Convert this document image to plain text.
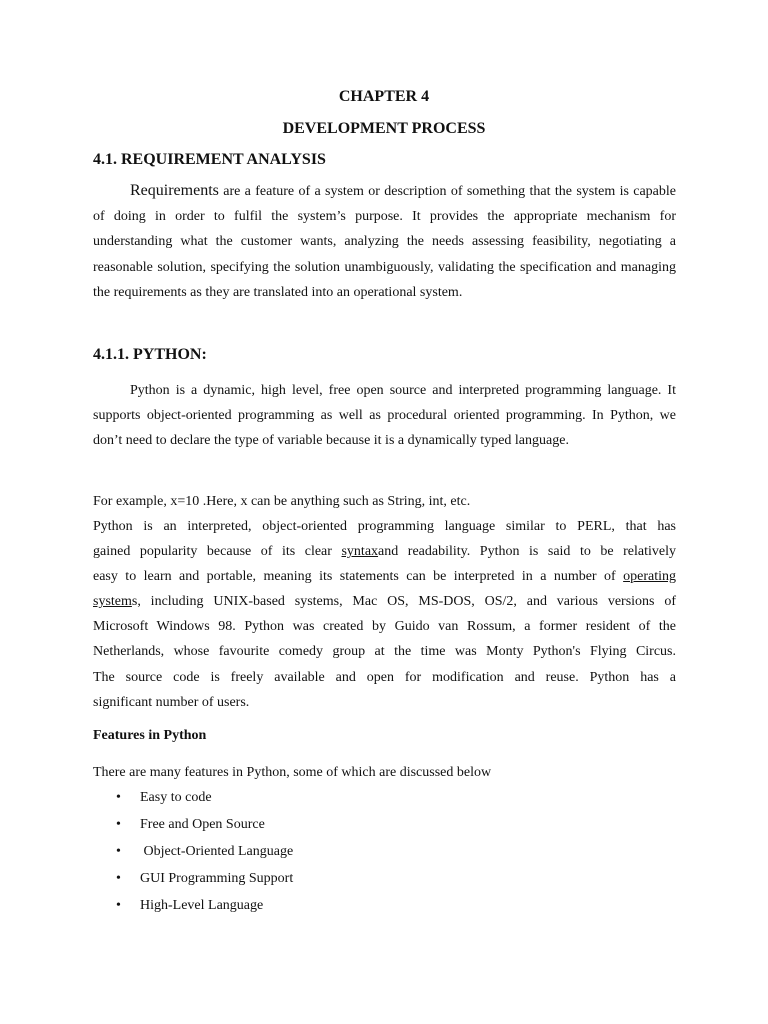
CHAPTER 4

DEVELOPMENT PROCESS

4.1. REQUIREMENT ANALYSIS

Requirements are a feature of a system or description of something that the system is capable of doing in order to fulfil the system’s purpose. It provides the appropriate mechanism for understanding what the customer wants, analyzing the needs assessing feasibility, negotiating a reasonable solution, specifying the solution unambiguously, validating the specification and managing the requirements as they are translated into an operational system.

4.1.1. PYTHON:

Python is a dynamic, high level, free open source and interpreted programming language. It supports object-oriented programming as well as procedural oriented programming. In Python, we don’t need to declare the type of variable because it is a dynamically typed language.

For example, x=10 .Here, x can be anything such as String, int, etc.

Python is an interpreted, object-oriented programming language similar to PERL, that has

gained popularity because of its clear syntaxand readability. Python is said to be relatively

easy to learn and portable, meaning its statements can be interpreted in a number of operating

systems, including UNIX-based systems, Mac OS, MS-DOS, OS/2, and various versions of

Microsoft Windows 98. Python was created by Guido van Rossum, a former resident of the

Netherlands, whose favourite comedy group at the time was Monty Python's Flying Circus.

The source code is freely available and open for modification and reuse. Python has a

significant number of users.

Features in Python

There are many features in Python, some of which are discussed below

• Easy to code
• Free and Open Source
• Object-Oriented Language
• GUI Programming Support
• High-Level Language
